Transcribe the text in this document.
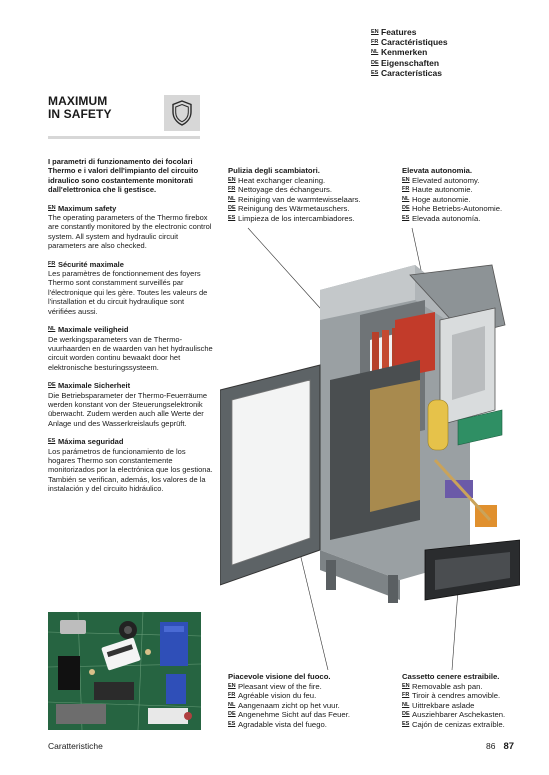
EN Features
FR Caractéristiques
NL Kenmerken
DE Eigenschaften
ES Características
MAXIMUM
IN SAFETY

I parametri di funzionamento dei focolari Thermo e i valori dell'impianto del circuito idraulico sono costantemente monitorati dall'elettronica che li gestisce.

EN Maximum safety

The operating parameters of the Thermo firebox are constantly monitored by the electronic control system. All system and hydraulic circuit parameters are also checked.

FR Sécurité maximale

Les paramètres de fonctionnement des foyers Thermo sont constamment surveillés par l'électronique qui les gère. Toutes les valeurs de l'installation et du circuit hydraulique sont vérifiées aussi.

NL Maximale veiligheid

De werkingsparameters van de Thermo-vuurhaarden en de waarden van het hydraulische circuit worden continu bewaakt door het elektronische besturingssysteem.

DE Maximale Sicherheit

Die Betriebsparameter der Thermo-Feuerräume werden konstant von der Steuerungselektronik überwacht. Zudem werden auch alle Werte der Anlage und des Wasserkreislaufs geprüft.

ES Máxima seguridad

Los parámetros de funcionamiento de los hogares Thermo son constantemente monitorizados por la electrónica que los gestiona. También se verifican, además, los valores de la instalación y del circuito hidráulico.

Pulizia degli scambiatori.
EN Heat exchanger cleaning.
FR Nettoyage des échangeurs.
NL Reiniging van de warmtewisselaars.
DE Reinigung des Wärmetauschers.
ES Limpieza de los intercambiadores.
Elevata autonomia.
EN Elevated autonomy.
FR Haute autonomie.
NL Hoge autonomie.
DE Hohe Betriebs-Autonomie.
ES Elevada autonomía.
Piacevole visione del fuoco.
EN Pleasant view of the fire.
FR Agréable vision du feu.
NL Aangenaam zicht op het vuur.
DE Angenehme Sicht auf das Feuer.
ES Agradable vista del fuego.
Cassetto cenere estraibile.
EN Removable ash pan.
FR Tiroir à cendres amovible.
NL Uittrekbare aslade
DE Ausziehbarer Aschekasten.
ES Cajón de cenizas extraíble.
Caratteristiche	86 87
